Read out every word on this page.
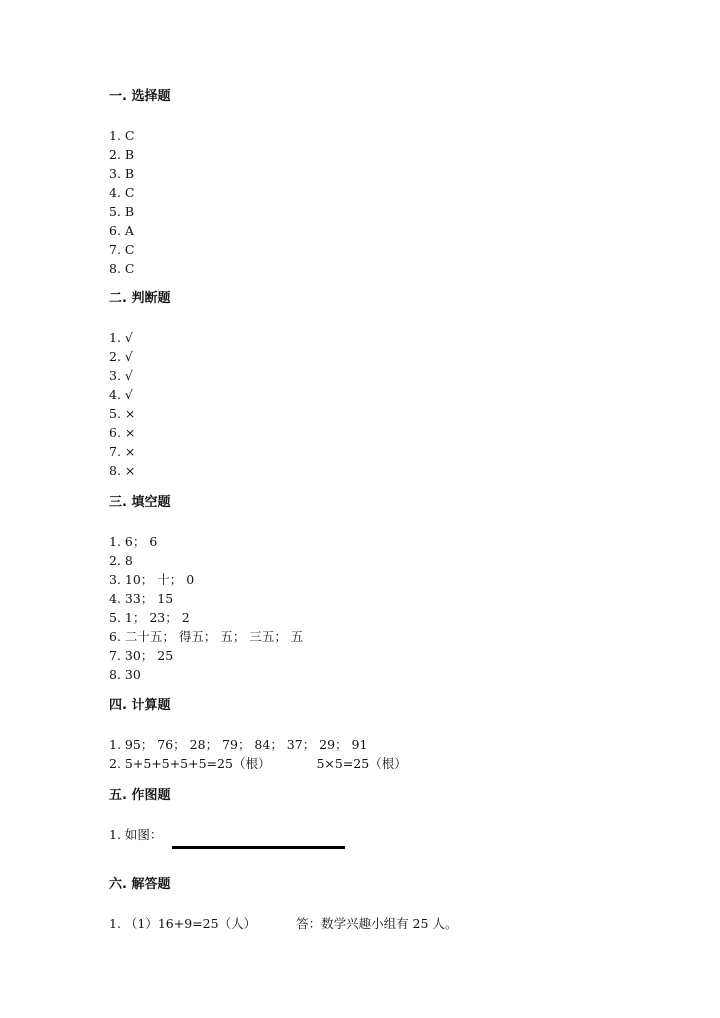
一. 选择题
1. C
2. B
3. B
4. C
5. B
6. A
7. C
8. C
二. 判断题
1. √
2. √
3. √
4. √
5. ×
6. ×
7. ×
8. ×
三. 填空题
1. 6； 6
2. 8
3. 10； 十； 0
4. 33； 15
5. 1； 23； 2
6. 二十五； 得五； 五； 三五； 五
7. 30； 25
8. 30
四. 计算题
1. 95； 76； 28； 79； 84； 37； 29； 91
2. 5+5+5+5+5=25（根）	5×5=25（根）
五. 作图题
1. 如图：
六. 解答题
1. （1）16+9=25（人）	答：数学兴趣小组有 25 人。
